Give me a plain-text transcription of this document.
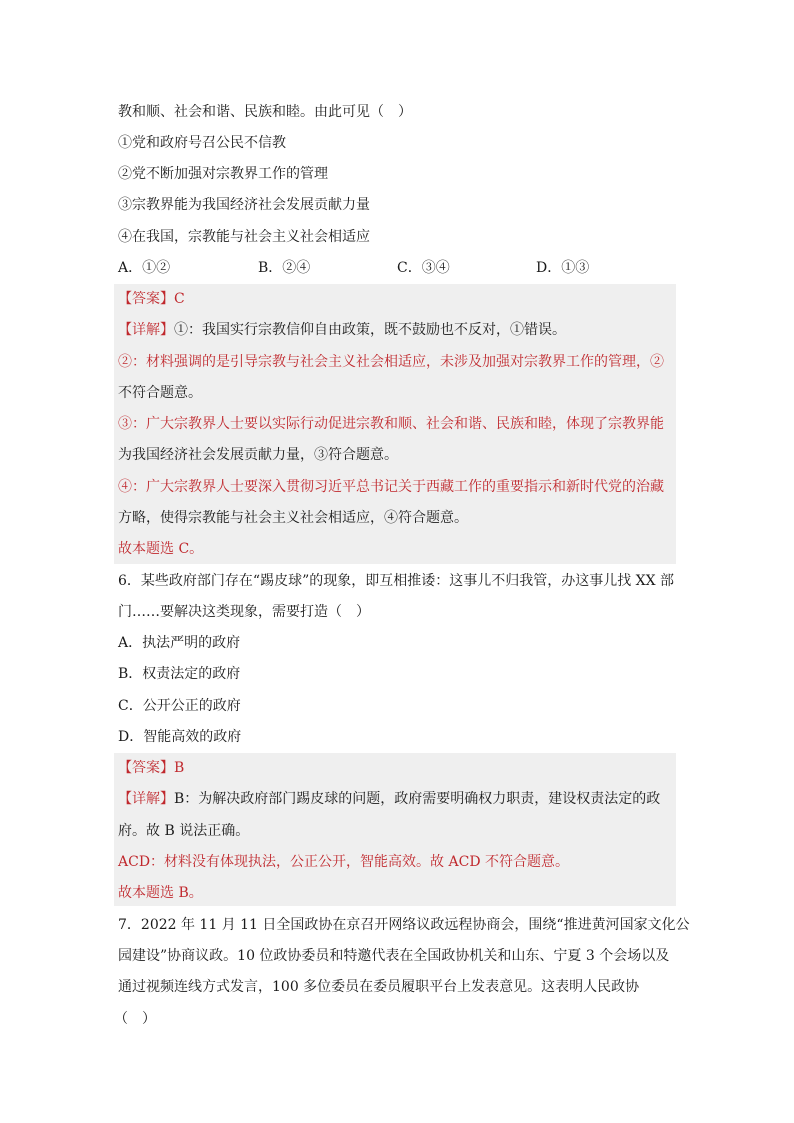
教和顺、社会和谐、民族和睦。由此可见（　）
①党和政府号召公民不信教
②党不断加强对宗教界工作的管理
③宗教界能为我国经济社会发展贡献力量
④在我国，宗教能与社会主义社会相适应
A．①②	B．②④	C．③④	D．①③
【答案】C
【详解】①：我国实行宗教信仰自由政策，既不鼓励也不反对，①错误。
②：材料强调的是引导宗教与社会主义社会相适应，未涉及加强对宗教界工作的管理，②
不符合题意。
③：广大宗教界人士要以实际行动促进宗教和顺、社会和谐、民族和睦，体现了宗教界能
为我国经济社会发展贡献力量，③符合题意。
④：广大宗教界人士要深入贯彻习近平总书记关于西藏工作的重要指示和新时代党的治藏
方略，使得宗教能与社会主义社会相适应，④符合题意。
故本题选 C。
6．某些政府部门存在“踢皮球”的现象，即互相推诿：这事儿不归我管，办这事儿找 XX 部
门……要解决这类现象，需要打造（　）
A．执法严明的政府
B．权责法定的政府
C．公开公正的政府
D．智能高效的政府
【答案】B
【详解】B：为解决政府部门踢皮球的问题，政府需要明确权力职责，建设权责法定的政
府。故 B 说法正确。
ACD：材料没有体现执法，公正公开，智能高效。故 ACD 不符合题意。
故本题选 B。
7．2022 年 11 月 11 日全国政协在京召开网络议政远程协商会，围绕“推进黄河国家文化公
园建设”协商议政。10 位政协委员和特邀代表在全国政协机关和山东、宁夏 3 个会场以及
通过视频连线方式发言，100 多位委员在委员履职平台上发表意见。这表明人民政协
（　）
